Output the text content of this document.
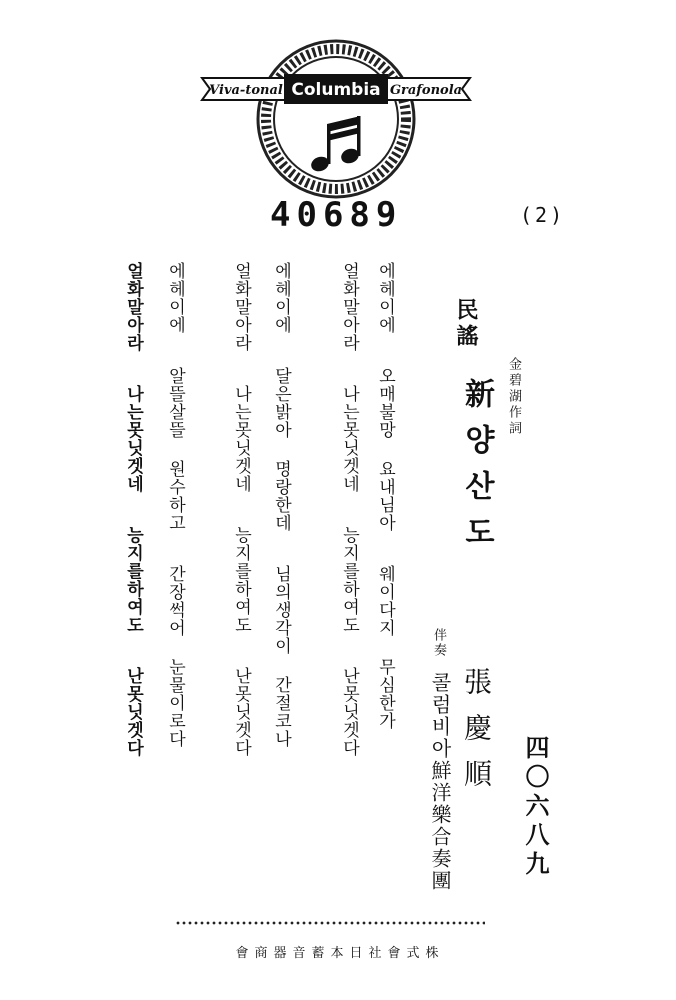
Viva-tonal Columbia Grafonola
40689	(2)
民謠
金碧湖作詞
新양산도
伴奏
콜럼비아鮮洋樂合奏團 張慶順 四〇六八九
에헤이에 오매불망 요내님아 웨이다지 무심한가
얼화말아라 나는못닛겟네 능지를하여도 난못닛겟다
에헤이에 달은밝아 명랑한데 님의생각이 간절코나
얼화말아라 나는못닛겟네 능지를하여도 난못닛겟다
에헤이에 알뜰살뜰 원수하고 간장썩어 눈물이로다
얼화말아라 나는못닛겟네 능지를하여도 난못닛겟다
株式會社日本蓄音器商會
